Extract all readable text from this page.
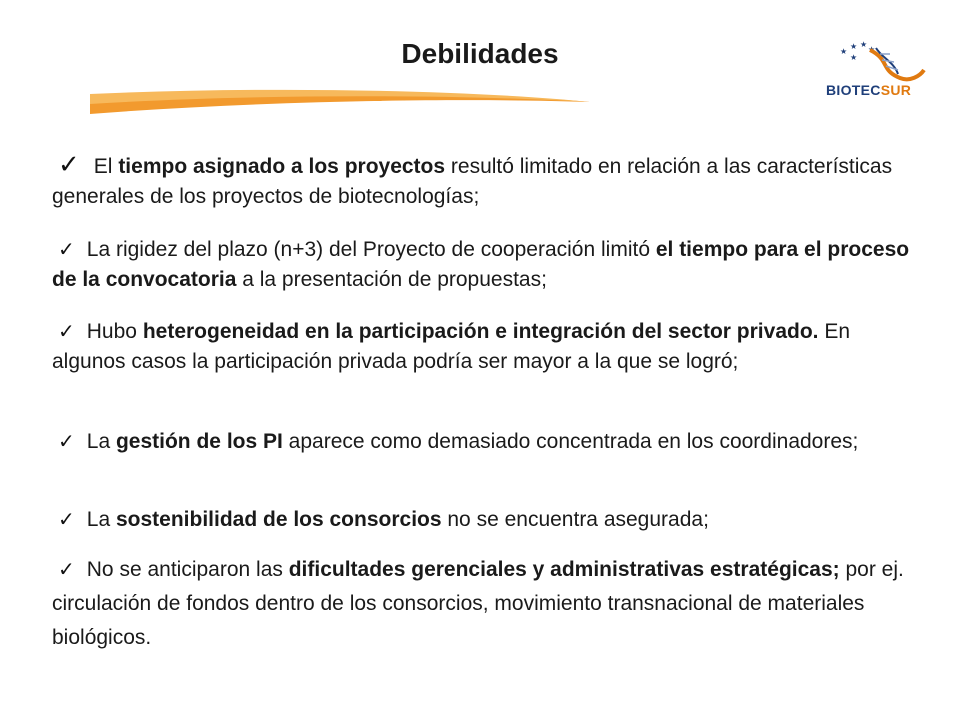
Debilidades	★
★ ★
★
★
BIOTECSUR

✓ El tiempo asignado a los proyectos resultó limitado en relación a las características generales de los proyectos de biotecnologías;

✓ La rigidez del plazo (n+3) del Proyecto de cooperación limitó el tiempo para el proceso de la convocatoria a la presentación de propuestas;

✓ Hubo heterogeneidad en la participación e integración del sector privado. En algunos casos la participación privada podría ser mayor a la que se logró;

✓ La gestión de los PI aparece como demasiado concentrada en los coordinadores;

✓ La sostenibilidad de los consorcios no se encuentra asegurada;

✓ No se anticiparon las dificultades gerenciales y administrativas estratégicas; por ej. circulación de fondos dentro de los consorcios, movimiento transnacional de materiales biológicos.
